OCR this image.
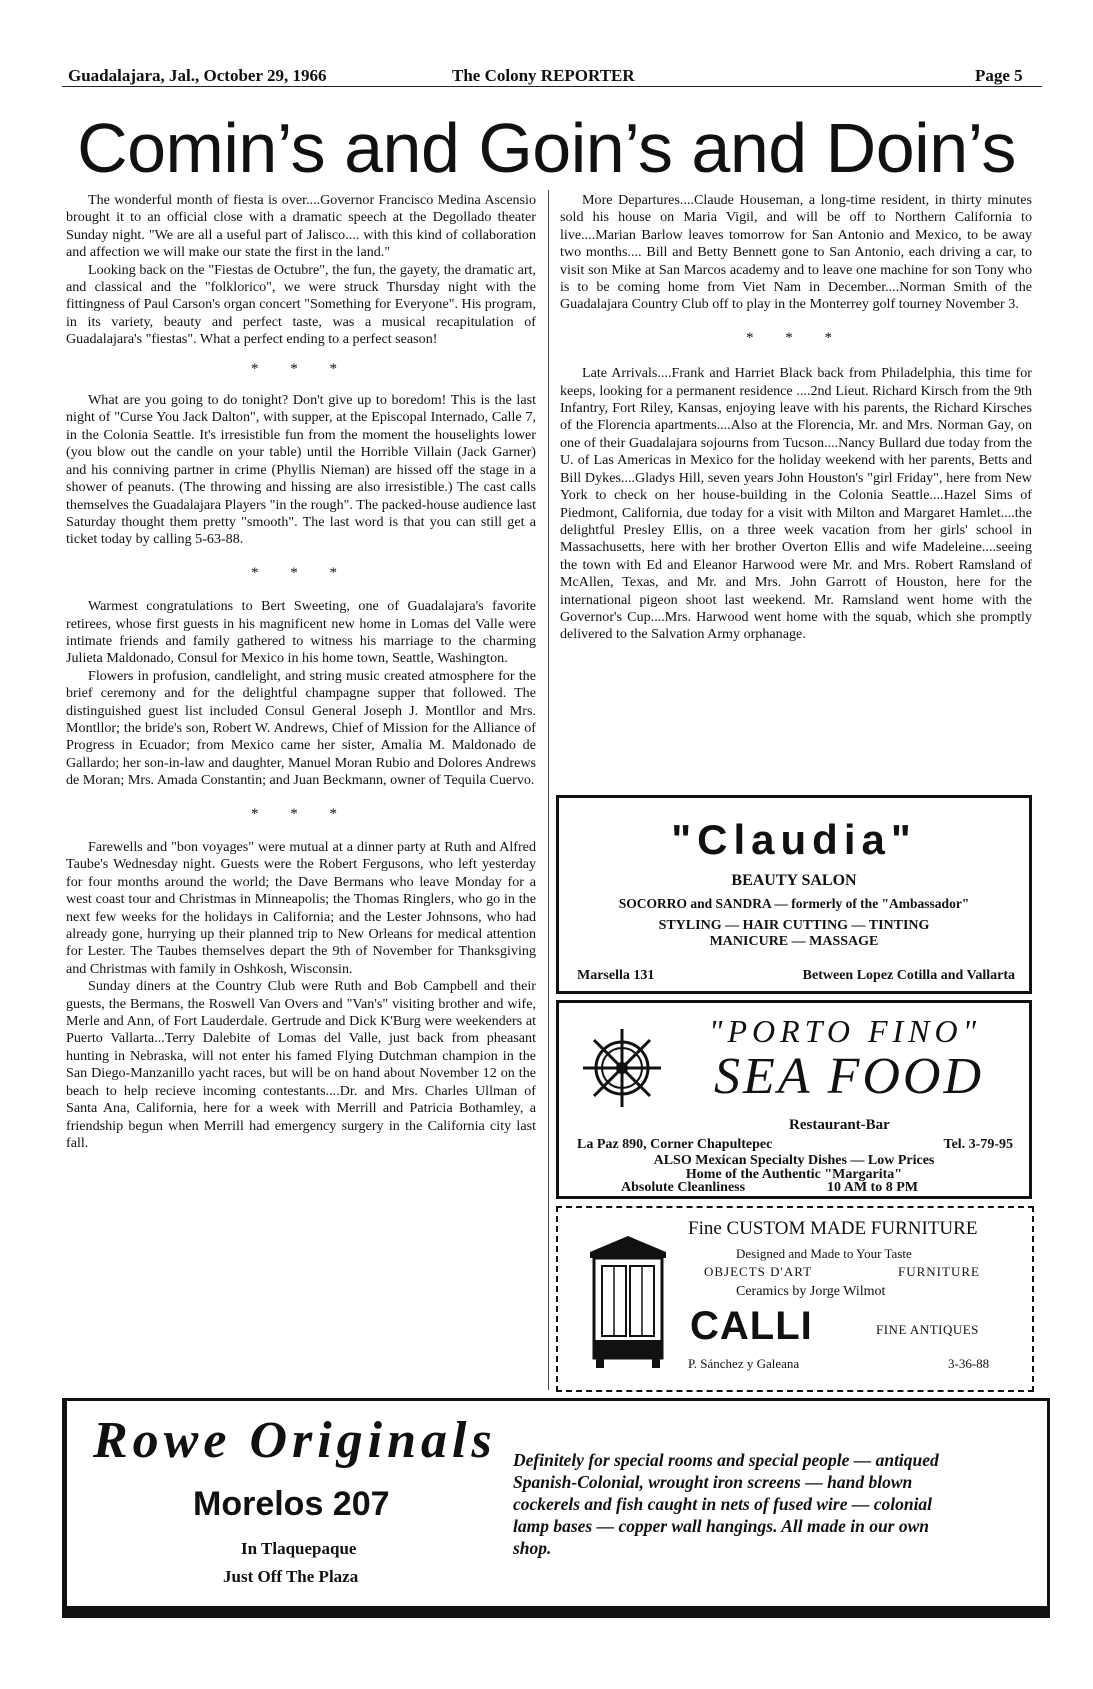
Guadalajara, Jal., October 29, 1966	The Colony REPORTER	Page 5
Comin’s and Goin’s and Doin’s

The wonderful month of fiesta is over....Governor Francisco Medina Ascensio brought it to an official close with a dramatic speech at the Degollado theater Sunday night. "We are all a useful part of Jalisco.... with this kind of collaboration and affection we will make our state the first in the land."

Looking back on the "Fiestas de Octubre", the fun, the gayety, the dramatic art, and classical and the "folklorico", we were struck Thursday night with the fittingness of Paul Carson's organ concert "Something for Everyone". His program, in its variety, beauty and perfect taste, was a musical recapitulation of Guadalajara's "fiestas". What a perfect ending to a perfect season!

* * *

What are you going to do tonight? Don't give up to boredom! This is the last night of "Curse You Jack Dalton", with supper, at the Episcopal Internado, Calle 7, in the Colonia Seattle. It's irresistible fun from the moment the houselights lower (you blow out the candle on your table) until the Horrible Villain (Jack Garner) and his conniving partner in crime (Phyllis Nieman) are hissed off the stage in a shower of peanuts. (The throwing and hissing are also irresistible.) The cast calls themselves the Guadalajara Players "in the rough". The packed-house audience last Saturday thought them pretty "smooth". The last word is that you can still get a ticket today by calling 5-63-88.

* * *

Warmest congratulations to Bert Sweeting, one of Guadalajara's favorite retirees, whose first guests in his magnificent new home in Lomas del Valle were intimate friends and family gathered to witness his marriage to the charming Julieta Maldonado, Consul for Mexico in his home town, Seattle, Washington.

Flowers in profusion, candlelight, and string music created atmosphere for the brief ceremony and for the delightful champagne supper that followed. The distinguished guest list included Consul General Joseph J. Montllor and Mrs. Montllor; the bride's son, Robert W. Andrews, Chief of Mission for the Alliance of Progress in Ecuador; from Mexico came her sister, Amalia M. Maldonado de Gallardo; her son-in-law and daughter, Manuel Moran Rubio and Dolores Andrews de Moran; Mrs. Amada Constantin; and Juan Beckmann, owner of Tequila Cuervo.

* * *

Farewells and "bon voyages" were mutual at a dinner party at Ruth and Alfred Taube's Wednesday night. Guests were the Robert Fergusons, who left yesterday for four months around the world; the Dave Bermans who leave Monday for a west coast tour and Christmas in Minneapolis; the Thomas Ringlers, who go in the next few weeks for the holidays in California; and the Lester Johnsons, who had already gone, hurrying up their planned trip to New Orleans for medical attention for Lester. The Taubes themselves depart the 9th of November for Thanksgiving and Christmas with family in Oshkosh, Wisconsin.

Sunday diners at the Country Club were Ruth and Bob Campbell and their guests, the Bermans, the Roswell Van Overs and "Van's" visiting brother and wife, Merle and Ann, of Fort Lauderdale. Gertrude and Dick K'Burg were weekenders at Puerto Vallarta...Terry Dalebite of Lomas del Valle, just back from pheasant hunting in Nebraska, will not enter his famed Flying Dutchman champion in the San Diego-Manzanillo yacht races, but will be on hand about November 12 on the beach to help recieve incoming contestants....Dr. and Mrs. Charles Ullman of Santa Ana, California, here for a week with Merrill and Patricia Bothamley, a friendship begun when Merrill had emergency surgery in the California city last fall.

More Departures....Claude Houseman, a long-time resident, in thirty minutes sold his house on Maria Vigil, and will be off to Northern California to live....Marian Barlow leaves tomorrow for San Antonio and Mexico, to be away two months.... Bill and Betty Bennett gone to San Antonio, each driving a car, to visit son Mike at San Marcos academy and to leave one machine for son Tony who is to be coming home from Viet Nam in December....Norman Smith of the Guadalajara Country Club off to play in the Monterrey golf tourney November 3.

* * *

Late Arrivals....Frank and Harriet Black back from Philadelphia, this time for keeps, looking for a permanent residence ....2nd Lieut. Richard Kirsch from the 9th Infantry, Fort Riley, Kansas, enjoying leave with his parents, the Richard Kirsches of the Florencia apartments....Also at the Florencia, Mr. and Mrs. Norman Gay, on one of their Guadalajara sojourns from Tucson....Nancy Bullard due today from the U. of Las Americas in Mexico for the holiday weekend with her parents, Betts and Bill Dykes....Gladys Hill, seven years John Houston's "girl Friday", here from New York to check on her house-building in the Colonia Seattle....Hazel Sims of Piedmont, California, due today for a visit with Milton and Margaret Hamlet....the delightful Presley Ellis, on a three week vacation from her girls' school in Massachusetts, here with her brother Overton Ellis and wife Madeleine....seeing the town with Ed and Eleanor Harwood were Mr. and Mrs. Robert Ramsland of McAllen, Texas, and Mr. and Mrs. John Garrott of Houston, here for the international pigeon shoot last weekend. Mr. Ramsland went home with the Governor's Cup....Mrs. Harwood went home with the squab, which she promptly delivered to the Salvation Army orphanage.

"Claudia"
BEAUTY SALON
SOCORRO and SANDRA — formerly of the "Ambassador"
STYLING — HAIR CUTTING — TINTING
MANICURE — MASSAGE
Marsella 131	Between Lopez Cotilla and Vallarta
"PORTO FINO"
SEA FOOD
Restaurant-Bar
La Paz 890, Corner Chapultepec	Tel. 3-79-95
ALSO Mexican Specialty Dishes — Low Prices
Home of the Authentic "Margarita"
Absolute Cleanliness	10 AM to 8 PM
Fine CUSTOM MADE FURNITURE
Designed and Made to Your Taste
OBJECTS D'ART	FURNITURE
Ceramics by Jorge Wilmot
CALLI	FINE ANTIQUES
P. Sánchez y Galeana	3-36-88
Rowe Originals
Morelos 207
In Tlaquepaque
Just Off The Plaza
Definitely for special rooms and special people — antiqued Spanish-Colonial, wrought iron screens — hand blown cockerels and fish caught in nets of fused wire — colonial lamp bases — copper wall hangings. All made in our own shop.
